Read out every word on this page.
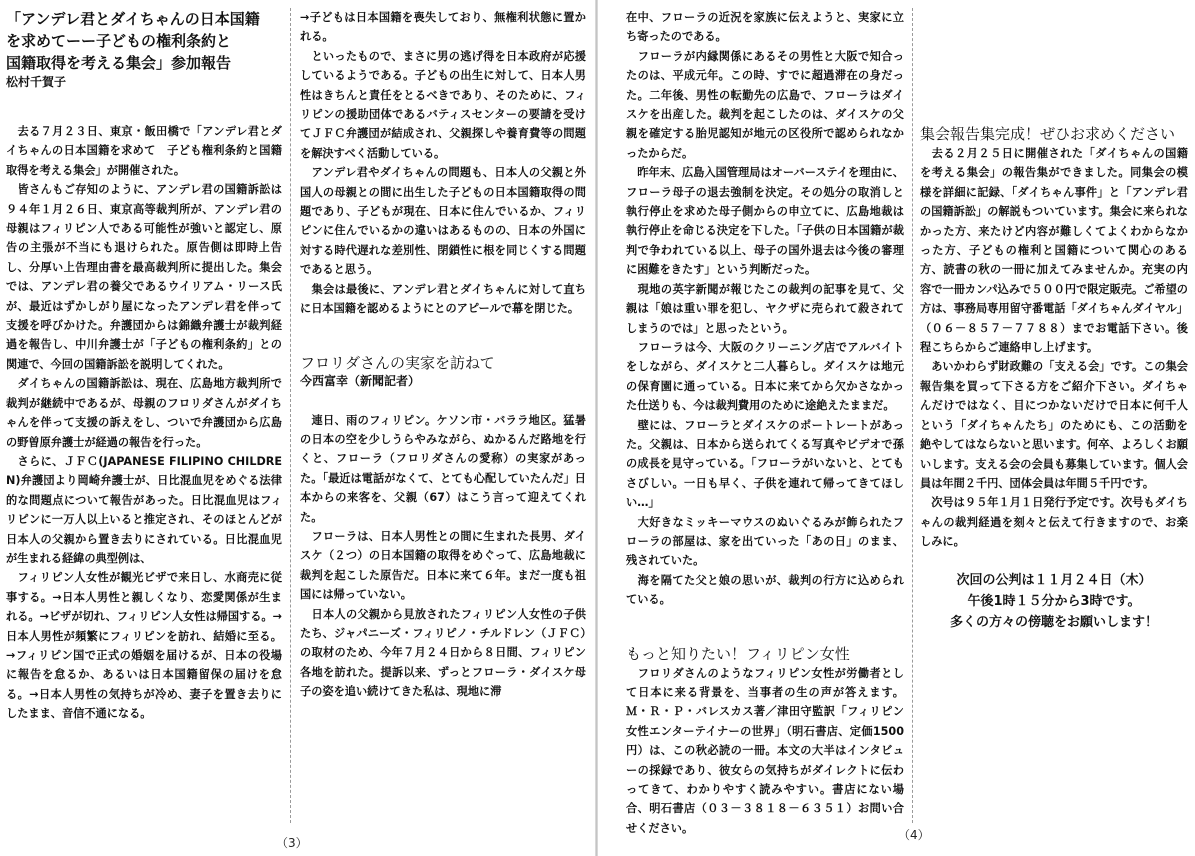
「アンデレ君とダイちゃんの日本国籍
を求めてーー子どもの権利条約と
国籍取得を考える集会」参加報告

松村千賀子

　去る７月２３日、東京・飯田橋で「アンデレ君とダイちゃんの日本国籍を求めて　子ども権利条約と国籍取得を考える集会」が開催された。

　皆さんもご存知のように、アンデレ君の国籍訴訟は９４年１月２６日、東京高等裁判所が、アンデレ君の母親はフィリピン人である可能性が強いと認定し、原告の主張が不当にも退けられた。原告側は即時上告し、分厚い上告理由書を最高裁判所に提出した。集会では、アンデレ君の養父であるウイリアム・リース氏が、最近はずかしがり屋になったアンデレ君を伴って支援を呼びかけた。弁護団からは錦織弁護士が裁判経過を報告し、中川弁護士が「子どもの権利条約」との関連で、今回の国籍訴訟を説明してくれた。

　ダイちゃんの国籍訴訟は、現在、広島地方裁判所で裁判が継続中であるが、母親のフロリダさんがダイちゃんを伴って支援の訴えをし、ついで弁護団から広島の野曽原弁護士が経過の報告を行った。

　さらに、ＪＦＣ(JAPANESE FILIPINO CHILDREN)弁護団より岡崎弁護士が、日比混血児をめぐる法律的な問題点について報告があった。日比混血児はフィリピンに一万人以上いると推定され、そのほとんどが日本人の父親から置き去りにされている。日比混血児が生まれる経緯の典型例は、

　フィリピン人女性が観光ビザで来日し、水商売に従事する。→日本人男性と親しくなり、恋愛関係が生まれる。→ビザが切れ、フィリピン人女性は帰国する。→日本人男性が頻繁にフィリピンを訪れ、結婚に至る。→フィリピン国で正式の婚姻を届けるが、日本の役場に報告を怠るか、あるいは日本国籍留保の届けを怠る。→日本人男性の気持ちが冷め、妻子を置き去りにしたまま、音信不通になる。

→子どもは日本国籍を喪失しており、無権利状態に置かれる。

　といったもので、まさに男の逃げ得を日本政府が応援しているようである。子どもの出生に対して、日本人男性はきちんと責任をとるべきであり、そのために、フィリピンの援助団体であるバティスセンターの要請を受けてＪＦＣ弁護団が結成され、父親探しや養育費等の問題を解決すべく活動している。

　アンデレ君やダイちゃんの問題も、日本人の父親と外国人の母親との間に出生した子どもの日本国籍取得の問題であり、子どもが現在、日本に住んでいるか、フィリピンに住んでいるかの違いはあるものの、日本の外国に対する時代遅れな差別性、閉鎖性に根を同じくする問題であると思う。

　集会は最後に、アンデレ君とダイちゃんに対して直ちに日本国籍を認めるようにとのアピールで幕を閉じた。

フロリダさんの実家を訪ねて

今西富幸（新聞記者）

　連日、雨のフィリピン。ケソン市・バララ地区。猛暑の日本の空を少しうらやみながら、ぬかるんだ路地を行くと、フローラ（フロリダさんの愛称）の実家があった。「最近は電話がなくて、とても心配していたんだ」日本からの来客を、父親（67）はこう言って迎えてくれた。

　フローラは、日本人男性との間に生まれた長男、ダイスケ（２つ）の日本国籍の取得をめぐって、広島地裁に裁判を起こした原告だ。日本に来て６年。まだ一度も祖国には帰っていない。

　日本人の父親から見放されたフィリピン人女性の子供たち、ジャパニーズ・フィリピノ・チルドレン（ＪＦＣ）の取材のため、今年７月２４日から８日間、フィリピン各地を訪れた。提訴以来、ずっとフローラ・ダイスケ母子の姿を追い続けてきた私は、現地に滞

（3）

在中、フローラの近況を家族に伝えようと、実家に立ち寄ったのである。

　フローラが内縁関係にあるその男性と大阪で知合ったのは、平成元年。この時、すでに超過滞在の身だった。二年後、男性の転勤先の広島で、フローラはダイスケを出産した。裁判を起こしたのは、ダイスケの父親を確定する胎児認知が地元の区役所で認められなかったからだ。

　昨年末、広島入国管理局はオーバーステイを理由に、フローラ母子の退去強制を決定。その処分の取消しと執行停止を求めた母子側からの申立てに、広島地裁は執行停止を命じる決定を下した。「子供の日本国籍が裁判で争われている以上、母子の国外退去は今後の審理に困難をきたす」という判断だった。

　現地の英字新聞が報じたこの裁判の記事を見て、父親は「娘は重い罪を犯し、ヤクザに売られて殺されてしまうのでは」と思ったという。

　フローラは今、大阪のクリーニング店でアルバイトをしながら、ダイスケと二人暮らし。ダイスケは地元の保育園に通っている。日本に来てから欠かさなかった仕送りも、今は裁判費用のために途絶えたままだ。

　壁には、フローラとダイスケのポートレートがあった。父親は、日本から送られてくる写真やビデオで孫の成長を見守っている。「フローラがいないと、とてもさびしい。一日も早く、子供を連れて帰ってきてほしい…」

　大好きなミッキーマウスのぬいぐるみが飾られたフローラの部屋は、家を出ていった「あの日」のまま、残されていた。

　海を隔てた父と娘の思いが、裁判の行方に込められている。

もっと知りたい！フィリピン女性

　フロリダさんのようなフィリピン女性が労働者として日本に来る背景を、当事者の生の声が答えます。Ｍ・Ｒ・Ｐ・バレスカス著／津田守監訳「フィリピン女性エンターテイナーの世界」（明石書店、定価1500円）は、この秋必読の一冊。本文の大半はインタビューの採録であり、彼女らの気持ちがダイレクトに伝わってきて、わかりやすく読みやすい。書店にない場合、明石書店（０３－３８１８－６３５１）お問い合せください。

集会報告集完成！ぜひお求めください

　去る２月２５日に開催された「ダイちゃんの国籍を考える集会」の報告集ができました。同集会の模様を詳細に記録、「ダイちゃん事件」と「アンデレ君の国籍訴訟」の解説もついています。集会に来られなかった方、来たけど内容が難しくてよくわからなかった方、子どもの権利と国籍について関心のある方、読書の秋の一冊に加えてみませんか。充実の内容で一冊カンパ込みで５００円で限定販売。ご希望の方は、事務局専用留守番電話「ダイちゃんダイヤル」（０６－８５７－７７８８）までお電話下さい。後程こちらからご連絡申し上げます。

　あいかわらず財政難の「支える会」です。この集会報告集を買って下さる方をご紹介下さい。ダイちゃんだけではなく、目につかないだけで日本に何千人という「ダイちゃんたち」のためにも、この活動を絶やしてはならないと思います。何卒、よろしくお願いします。支える会の会員も募集しています。個人会員は年間２千円、団体会員は年間５千円です。

　次号は９５年１月１日発行予定です。次号もダイちゃんの裁判経過を刻々と伝えて行きますので、お楽しみに。

次回の公判は１１月２４日（木）

午後1時１５分から3時です。

多くの方々の傍聴をお願いします！

（4）
